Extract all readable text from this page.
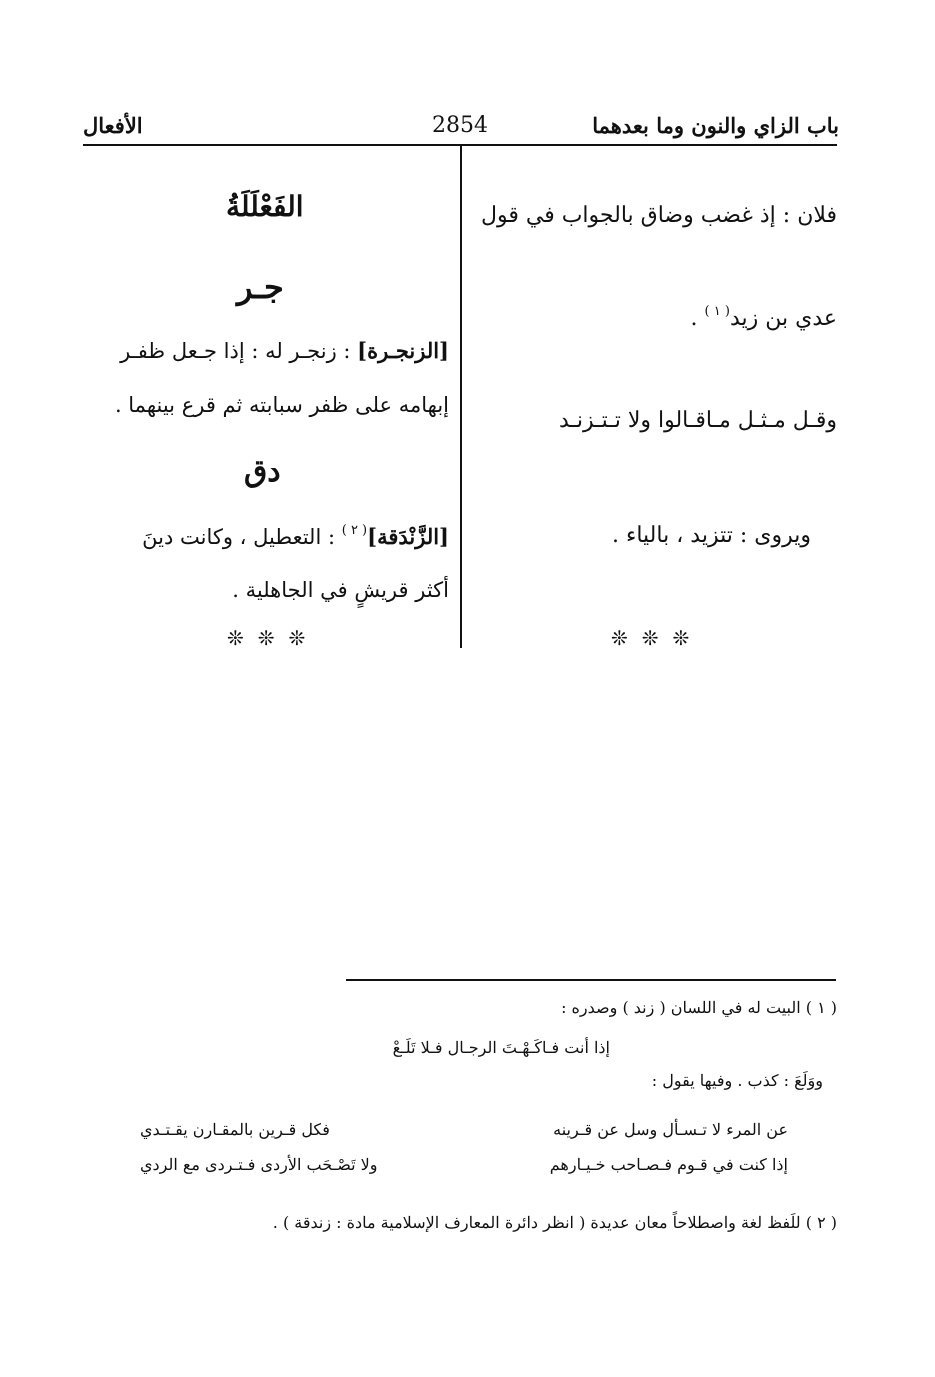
باب الزاي والنون وما بعدهما
2854
الأفعال
فلان : إذ غضب وضاق بالجواب في قول
عدي بن زيد$^{( ١ )}$ .
وقـل مـثـل مـاقـالوا ولا تـتـزنـد
ويروى : تتزيد ، بالياء .
❊❊❊
الفَعْلَلَةُ
جـر
[الزنجـرة] : زنجـر له : إذا جـعل ظفـر
إبهامه على ظفر سبابته ثم قرع بينهما .
دق
[الزَّنْدَقة]$^{( ٢ )}$ : التعطيل ، وكانت دينَ
أكثر قريشٍ في الجاهلية .
❊❊❊
( ١ ) البيت له في اللسان ( زند ) وصدره :
إذا أنت فـاكَـهْـتَ الرجـال فـلا تَلَـعْ
ووَلَعَ : كذب . وفيها يقول :
عن المرء لا تـسـأل وسل عن قـرينه
فكل قـرين بالمقـارن يقـتـدي
إذا كنت في قـوم فـصـاحب خـيـارهم
ولا تَصْـحَب الأردى فـتـردى مع الردي
( ٢ ) للَفظ لغة واصطلاحاً معان عديدة ( انظر دائرة المعارف الإسلامية مادة : زندقة ) .
